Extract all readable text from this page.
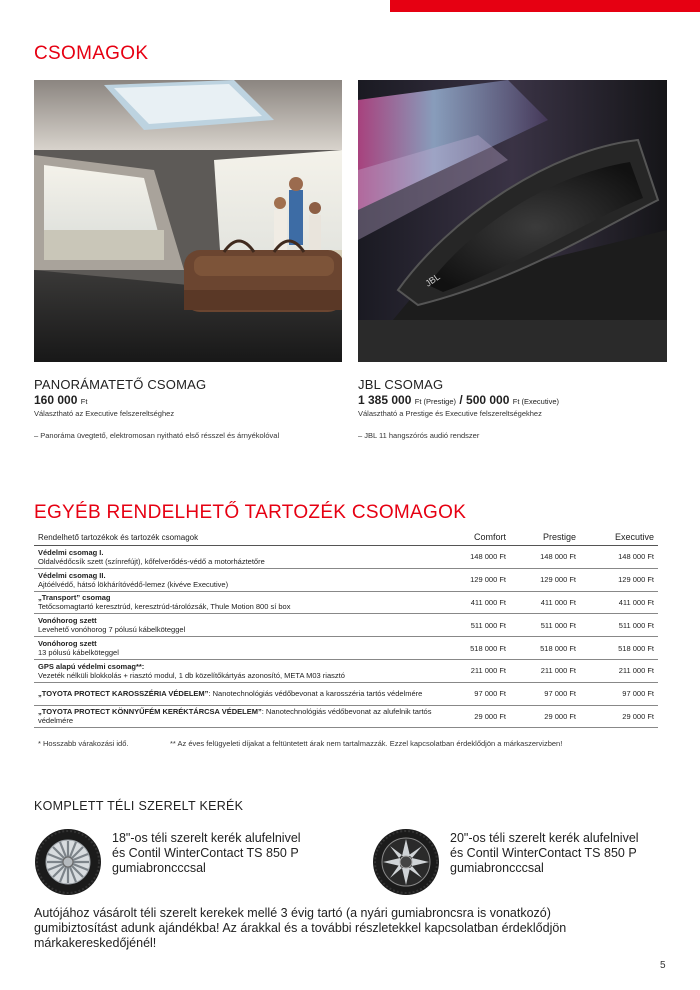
CSOMAGOK
JBL
PANORÁMATETŐ CSOMAG
160 000 Ft
Választható az Executive felszereltséghez
– Panoráma üvegtető, elektromosan nyitható első résszel és árnyékolóval
JBL CSOMAG
1 385 000 Ft (Prestige) / 500 000 Ft (Executive)
Választható a Prestige és Executive felszereltségekhez
– JBL 11 hangszórós audió rendszer
EGYÉB RENDELHETŐ TARTOZÉK CSOMAGOK
Rendelhető tartozékok és tartozék csomagok	Comfort	Prestige	Executive
Védelmi csomag I.
Oldalvédőcsík szett (színrefújt), kőfelverődés-védő a motorháztetőre	148 000 Ft	148 000 Ft	148 000 Ft
Védelmi csomag II.
Ajtóélvédő, hátsó lökhárítóvédő-lemez (kivéve Executive)	129 000 Ft	129 000 Ft	129 000 Ft
„Transport” csomag
Tetőcsomagtartó keresztrúd, keresztrúd-tárolózsák, Thule Motion 800 sí box	411 000 Ft	411 000 Ft	411 000 Ft
Vonóhorog szett
Levehető vonóhorog 7 pólusú kábelköteggel	511 000 Ft	511 000 Ft	511 000 Ft
Vonóhorog szett
13 pólusú kábelköteggel	518 000 Ft	518 000 Ft	518 000 Ft
GPS alapú védelmi csomag**:
Vezeték nélküli blokkolás + riasztó modul, 1 db közelítőkártyás azonosító, META M03 riasztó	211 000 Ft	211 000 Ft	211 000 Ft
„TOYOTA PROTECT KAROSSZÉRIA VÉDELEM”: Nanotechnológiás védőbevonat a karosszéria tartós védelmére	97 000 Ft	97 000 Ft	97 000 Ft
„TOYOTA PROTECT KÖNNYŰFÉM KERÉKTÁRCSA VÉDELEM”: Nanotechnológiás védőbevonat az alufelnik tartós védelmére	29 000 Ft	29 000 Ft	29 000 Ft
* Hosszabb várakozási idő.	** Az éves felügyeleti díjakat a feltüntetett árak nem tartalmazzák. Ezzel kapcsolatban érdeklődjön a márkaszervizben!
KOMPLETT TÉLI SZERELT KERÉK
18"-os téli szerelt kerék alufelnivel
és Contil WinterContact TS 850 P
gumiabroncccsal
20"-os téli szerelt kerék alufelnivel
és Contil WinterContact TS 850 P
gumiabroncccsal
Autójához vásárolt téli szerelt kerekek mellé 3 évig tartó (a nyári gumiabroncsra is vonatkozó) gumibiztosítást adunk ajándékba! Az árakkal és a további részletekkel kapcsolatban érdeklődjön márkakereskedőjénél!
5
